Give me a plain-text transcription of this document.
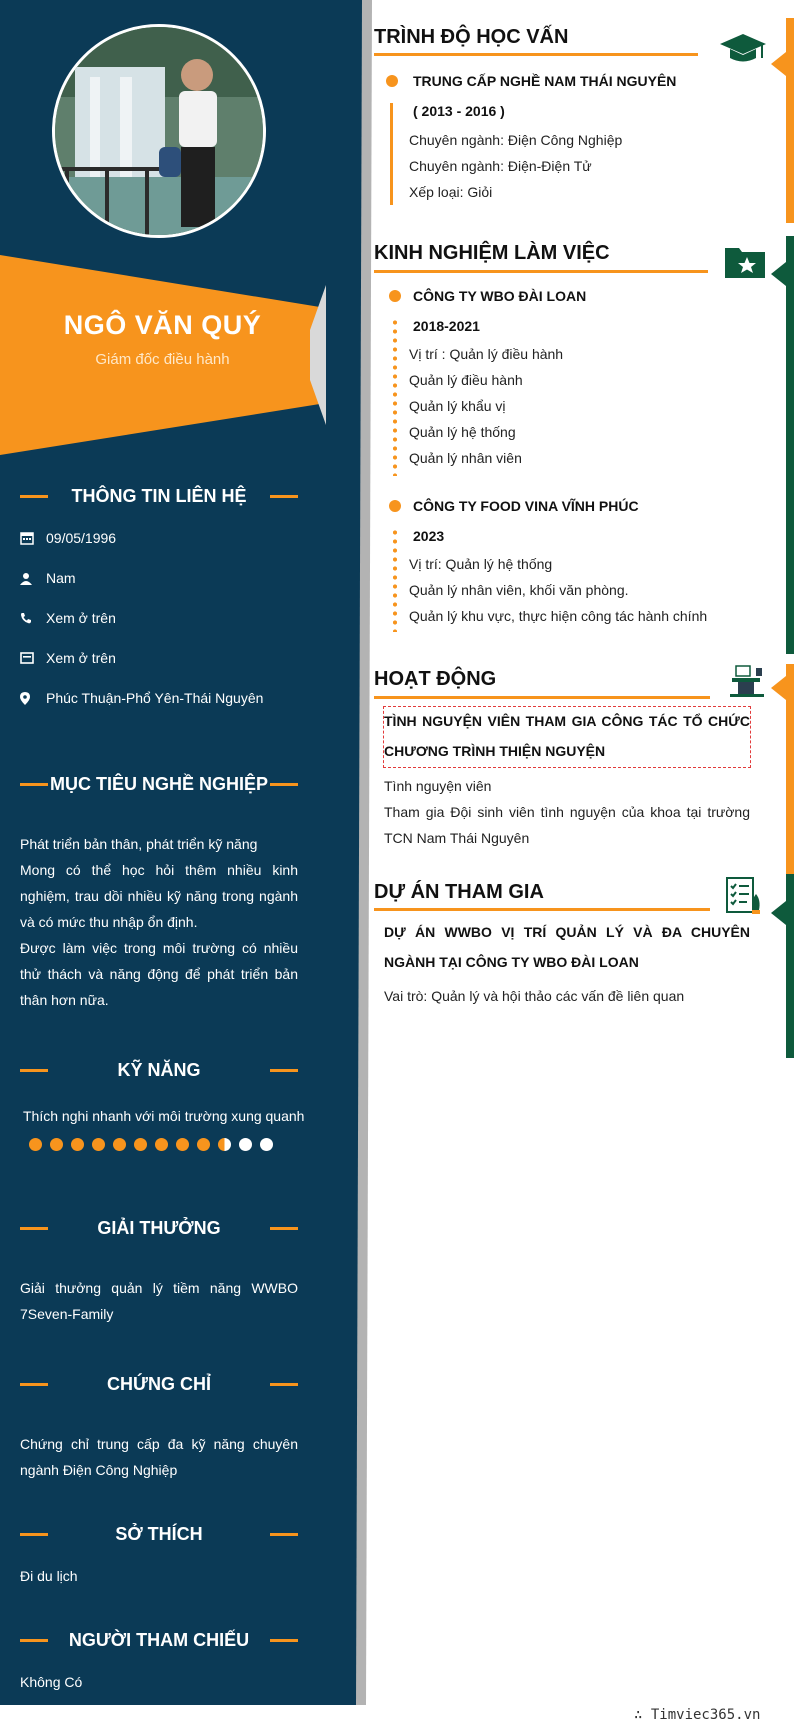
NGÔ VĂN QUÝ
Giám đốc điều hành
THÔNG TIN LIÊN HỆ
09/05/1996
Nam
Xem ở trên
Xem ở trên
Phúc Thuận-Phổ Yên-Thái Nguyên
MỤC TIÊU NGHỀ NGHIỆP
Phát triển bản thân, phát triển kỹ năng
Mong có thể học hỏi thêm nhiều kinh nghiệm, trau dồi nhiều kỹ năng trong ngành và có mức thu nhập ổn định.
Được làm việc trong môi trường có nhiều thử thách và năng động để phát triển bản thân hơn nữa.
KỸ NĂNG
Thích nghi nhanh với môi trường xung quanh
GIẢI THƯỞNG
Giải thưởng quản lý tiềm năng WWBO 7Seven-Family
CHỨNG CHỈ
Chứng chỉ trung cấp đa kỹ năng chuyên ngành Điện Công Nghiệp
SỞ THÍCH
Đi du lịch
NGƯỜI THAM CHIẾU
Không Có
TRÌNH ĐỘ HỌC VẤN
TRUNG CẤP NGHỀ NAM THÁI NGUYÊN
( 2013 - 2016 )
Chuyên ngành: Điện Công Nghiệp
Chuyên ngành: Điện-Điện Tử
Xếp loại: Giỏi
KINH NGHIỆM LÀM VIỆC
CÔNG TY WBO ĐÀI LOAN
2018-2021
Vị trí : Quản lý điều hành
Quản lý điều hành
Quản lý khẩu vị
Quản lý hệ thống
Quản lý nhân viên
CÔNG TY FOOD VINA VĨNH PHÚC
2023
Vị trí: Quản lý hệ thống
Quản lý nhân viên, khối văn phòng.
Quản lý khu vực, thực hiện công tác hành chính
HOẠT ĐỘNG
TÌNH NGUYỆN VIÊN THAM GIA CÔNG TÁC TỔ CHỨC
CHƯƠNG TRÌNH THIỆN NGUYỆN
Tình nguyện viên
Tham gia Đội sinh viên tình nguyện của khoa tại trường
TCN Nam Thái Nguyên
DỰ ÁN THAM GIA
DỰ ÁN WWBO VỊ TRÍ QUẢN LÝ VÀ ĐA CHUYÊN
NGÀNH TẠI CÔNG TY WBO ĐÀI LOAN
Vai trò: Quản lý và hội thảo các vấn đề liên quan
∴ Timviec365.vn
